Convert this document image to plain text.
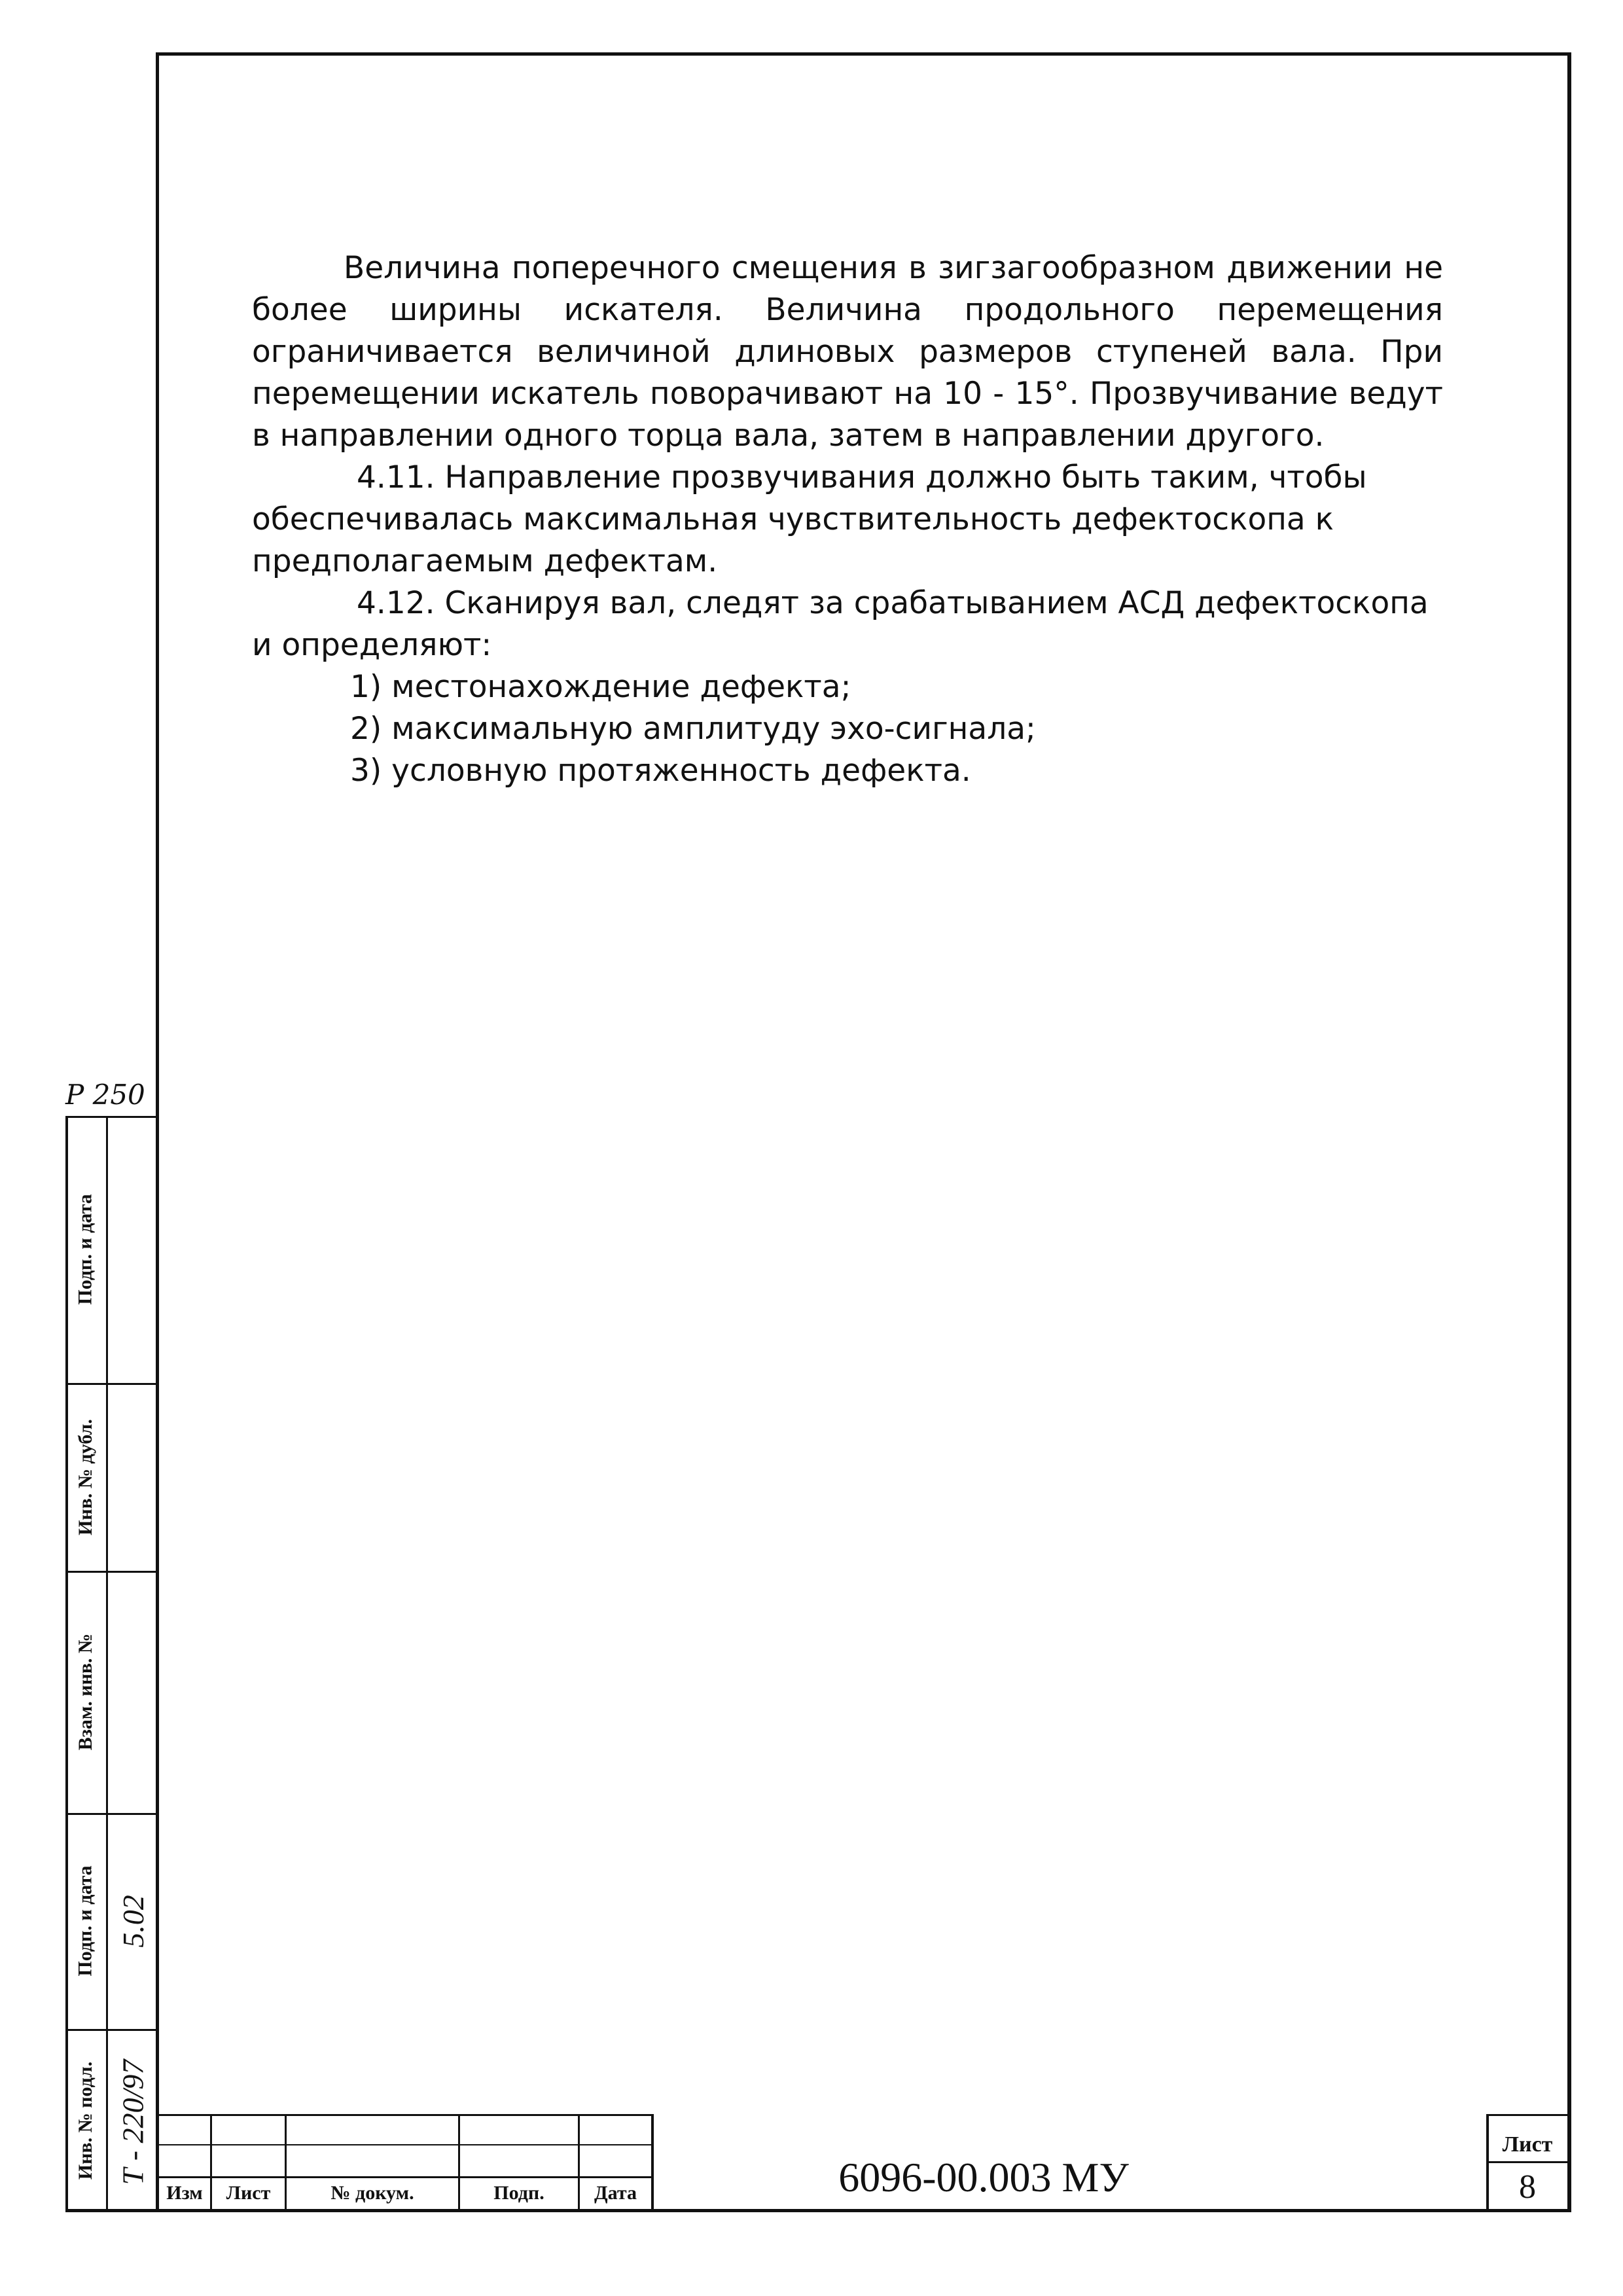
Величина поперечного смещения в зигзагообразном движении не более ширины искателя. Величина продольного перемещения ограничивается величиной длиновых размеров ступеней вала. При перемещении искатель поворачивают на 10 - 15°. Прозвучивание ведут в направлении одного торца вала, затем в направлении другого.

4.11. Направление прозвучивания должно быть таким, чтобы обеспечивалась максимальная чувствительность дефектоскопа к предполагаемым дефектам.

4.12. Сканируя вал, следят за срабатыванием АСД дефектоскопа и определяют:

1) местонахождение дефекта;

2) максимальную амплитуду эхо-сигнала;

3) условную протяженность дефекта.

Р 250
Подп. и дата
Инв. № дубл.
Взам. инв. №
Подп. и дата
Инв. № подл.
5.02
Т - 220/97
Изм	Лист	№ докум.	Подп.	Дата	6096-00.003 МУ
Лист
8
